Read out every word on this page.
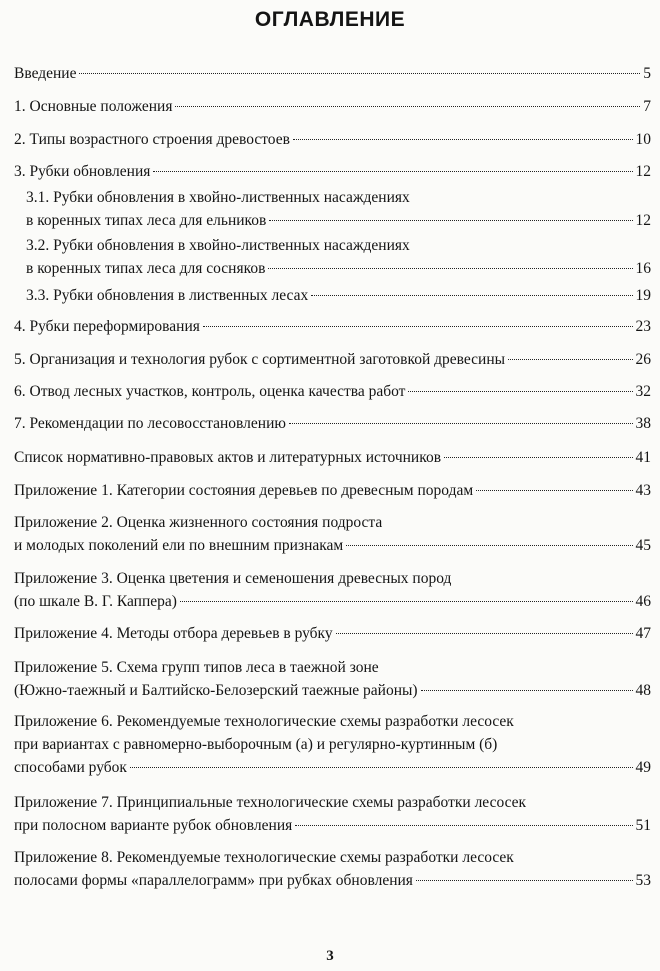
ОГЛАВЛЕНИЕ
Введение	5
1. Основные положения	7
2. Типы возрастного строения древостоев	10
3. Рубки обновления	12
3.1. Рубки обновления в хвойно-лиственных насаждениях
в коренных типах леса для ельников	12
3.2. Рубки обновления в хвойно-лиственных насаждениях
в коренных типах леса для сосняков	16
3.3. Рубки обновления в лиственных лесах	19
4. Рубки переформирования	23
5. Организация и технология рубок с сортиментной заготовкой древесины	26
6. Отвод лесных участков, контроль, оценка качества работ	32
7. Рекомендации по лесовосстановлению	38
Список нормативно-правовых актов и литературных источников	41
Приложение 1. Категории состояния деревьев по древесным породам	43
Приложение 2. Оценка жизненного состояния подроста
и молодых поколений ели по внешним признакам	45
Приложение 3. Оценка цветения и семеношения древесных пород
(по шкале В. Г. Каппера)	46
Приложение 4. Методы отбора деревьев в рубку	47
Приложение 5. Схема групп типов леса в таежной зоне
(Южно-таежный и Балтийско-Белозерский таежные районы)	48
Приложение 6. Рекомендуемые технологические схемы разработки лесосек
при вариантах с равномерно-выборочным (а) и регулярно-куртинным (б)
способами рубок	49
Приложение 7. Принципиальные технологические схемы разработки лесосек
при полосном варианте рубок обновления	51
Приложение 8. Рекомендуемые технологические схемы разработки лесосек
полосами формы «параллелограмм» при рубках обновления	53
3
